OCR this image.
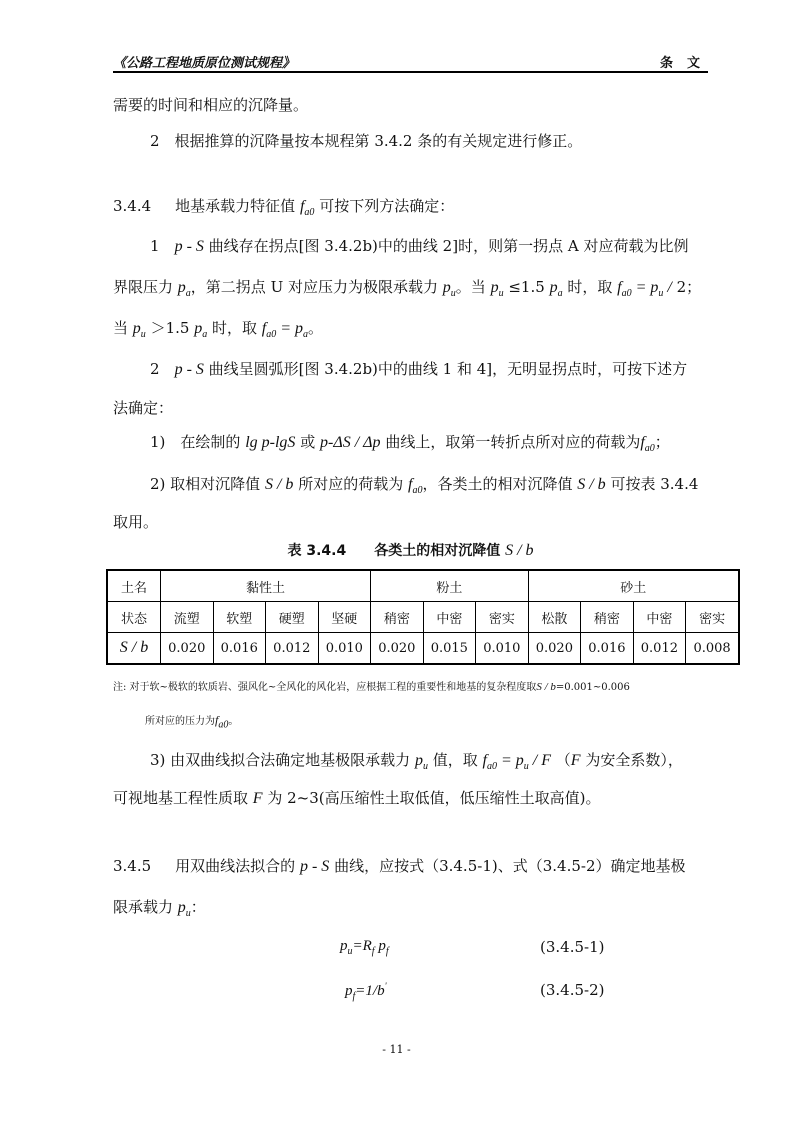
《公路工程地质原位测试规程》	条文
需要的时间和相应的沉降量。
2　根据推算的沉降量按本规程第 3.4.2 条的有关规定进行修正。
3.4.4 地基承载力特征值 $f_{a0}$ 可按下列方法确定：
1　 p - S 曲线存在拐点[图 3.4.2b)中的曲线 2]时，则第一拐点 A 对应荷载为比例
界限压力 $p_a$，第二拐点 U 对应压力为极限承载力 $p_u$。当 $p_u \le 1.5$ $p_a$ 时，取 $f_{a0} = p_u / 2$；
当 $p_u >1.5$ $p_a$ 时，取 $f_{a0} = p_a$。
2　 p - S 曲线呈圆弧形[图 3.4.2b)中的曲线 1 和 4]，无明显拐点时，可按下述方
法确定：
1)　在绘制的 lg p-lgS 或 p-ΔS / Δp 曲线上，取第一转折点所对应的荷载为$f_{a0}$；
2) 取相对沉降值 S / b 所对应的荷载为 $f_{a0}$，各类土的相对沉降值 S / b 可按表 3.4.4
取用。
表 3.4.4　　各类土的相对沉降值 S / b
土名	黏性土				粉土			砂土			
状态	流塑	软塑	硬塑	坚硬	稍密	中密	密实	松散	稍密	中密	密实
S / b	0.020	0.016	0.012	0.010	0.020	0.015	0.010	0.020	0.016	0.012	0.008
注: 对于软~极软的软质岩、强风化~全风化的风化岩，应根据工程的重要性和地基的复杂程度取S / b=0.001~0.006
所对应的压力为$f_{a0}$。
3) 由双曲线拟合法确定地基极限承载力 $p_u$ 值，取 $f_{a0} = p_u / F$ （F 为安全系数），
可视地基工程性质取 F 为 2~3(高压缩性土取低值，低压缩性土取高值)。
3.4.5 用双曲线法拟合的 p - S 曲线，应按式（3.4.5-1)、式（3.4.5-2）确定地基极
限承载力 $p_u$：
$p_u=R_f$ $p_f$	(3.4.5-1)
$p_f=1/b'$	(3.4.5-2)
- 11 -
